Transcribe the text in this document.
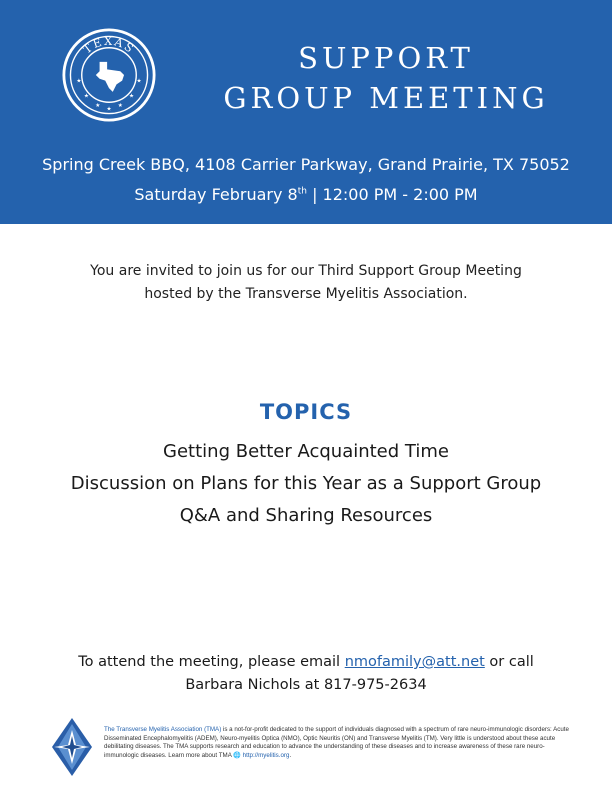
TEXAS
★	★
★	★
★	★
★
SUPPORT
GROUP MEETING
Spring Creek BBQ, 4108 Carrier Parkway, Grand Prairie, TX 75052
Saturday February 8th | 12:00 PM - 2:00 PM
You are invited to join us for our Third Support Group Meeting
hosted by the Transverse Myelitis Association.
TOPICS
Getting Better Acquainted Time
Discussion on Plans for this Year as a Support Group
Q&A and Sharing Resources
To attend the meeting, please email nmofamily@att.net or call
Barbara Nichols at 817-975-2634
The Transverse Myelitis Association (TMA) is a not-for-profit dedicated to the support of individuals diagnosed with a spectrum of rare neuro-immunologic disorders: Acute Disseminated Encephalomyelitis (ADEM), Neuro-myelitis Optica (NMO), Optic Neuritis (ON) and Transverse Myelitis (TM). Very little is understood about these acute debilitating diseases. The TMA supports research and education to advance the understanding of these diseases and to increase awareness of these rare neuro-immunologic diseases. Learn more about TMA 🌐 http://myelitis.org.
